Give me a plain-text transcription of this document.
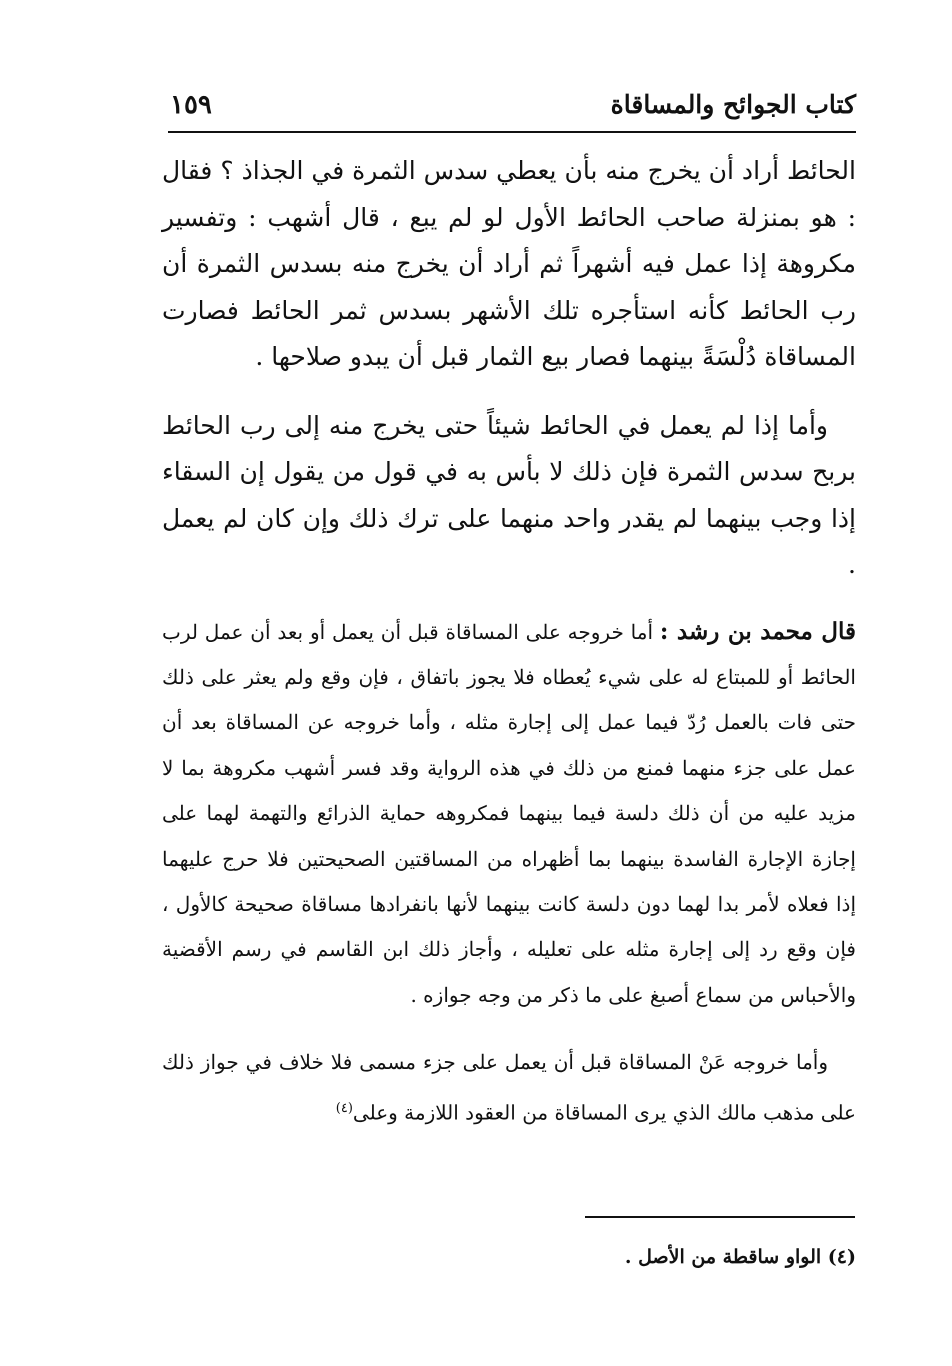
كتاب الجوائح والمساقاة
١٥٩

الحائط أراد أن يخرج منه بأن يعطي سدس الثمرة في الجذاذ ؟ فقال : هو بمنزلة صاحب الحائط الأول لو لم يبع ، قال أشهب : وتفسير مكروهة إذا عمل فيه أشهراً ثم أراد أن يخرج منه بسدس الثمرة أن رب الحائط كأنه استأجره تلك الأشهر بسدس ثمر الحائط فصارت المساقاة دُلْسَةً بينهما فصار بيع الثمار قبل أن يبدو صلاحها .

وأما إذا لم يعمل في الحائط شيئاً حتى يخرج منه إلى رب الحائط بربح سدس الثمرة فإن ذلك لا بأس به في قول من يقول إن السقاء إذا وجب بينهما لم يقدر واحد منهما على ترك ذلك وإن كان لم يعمل .

قال محمد بن رشد : أما خروجه على المساقاة قبل أن يعمل أو بعد أن عمل لرب الحائط أو للمبتاع له على شيء يُعطاه فلا يجوز باتفاق ، فإن وقع ولم يعثر على ذلك حتى فات بالعمل رُدّ فيما عمل إلى إجارة مثله ، وأما خروجه عن المساقاة بعد أن عمل على جزء منهما فمنع من ذلك في هذه الرواية وقد فسر أشهب مكروهة بما لا مزيد عليه من أن ذلك دلسة فيما بينهما فمكروهه حماية الذرائع والتهمة لهما على إجازة الإجارة الفاسدة بينهما بما أظهراه من المساقتين الصحيحتين فلا حرج عليهما إذا فعلاه لأمر بدا لهما دون دلسة كانت بينهما لأنها بانفرادها مساقاة صحيحة كالأول ، فإن وقع رد إلى إجارة مثله على تعليله ، وأجاز ذلك ابن القاسم في رسم الأقضية والأحباس من سماع أصبغ على ما ذكر من وجه جوازه .

وأما خروجه عَنْ المساقاة قبل أن يعمل على جزء مسمى فلا خلاف في جواز ذلك على مذهب مالك الذي يرى المساقاة من العقود اللازمة وعلى$^{(٤)}$

(٤) الواو ساقطة من الأصل .
